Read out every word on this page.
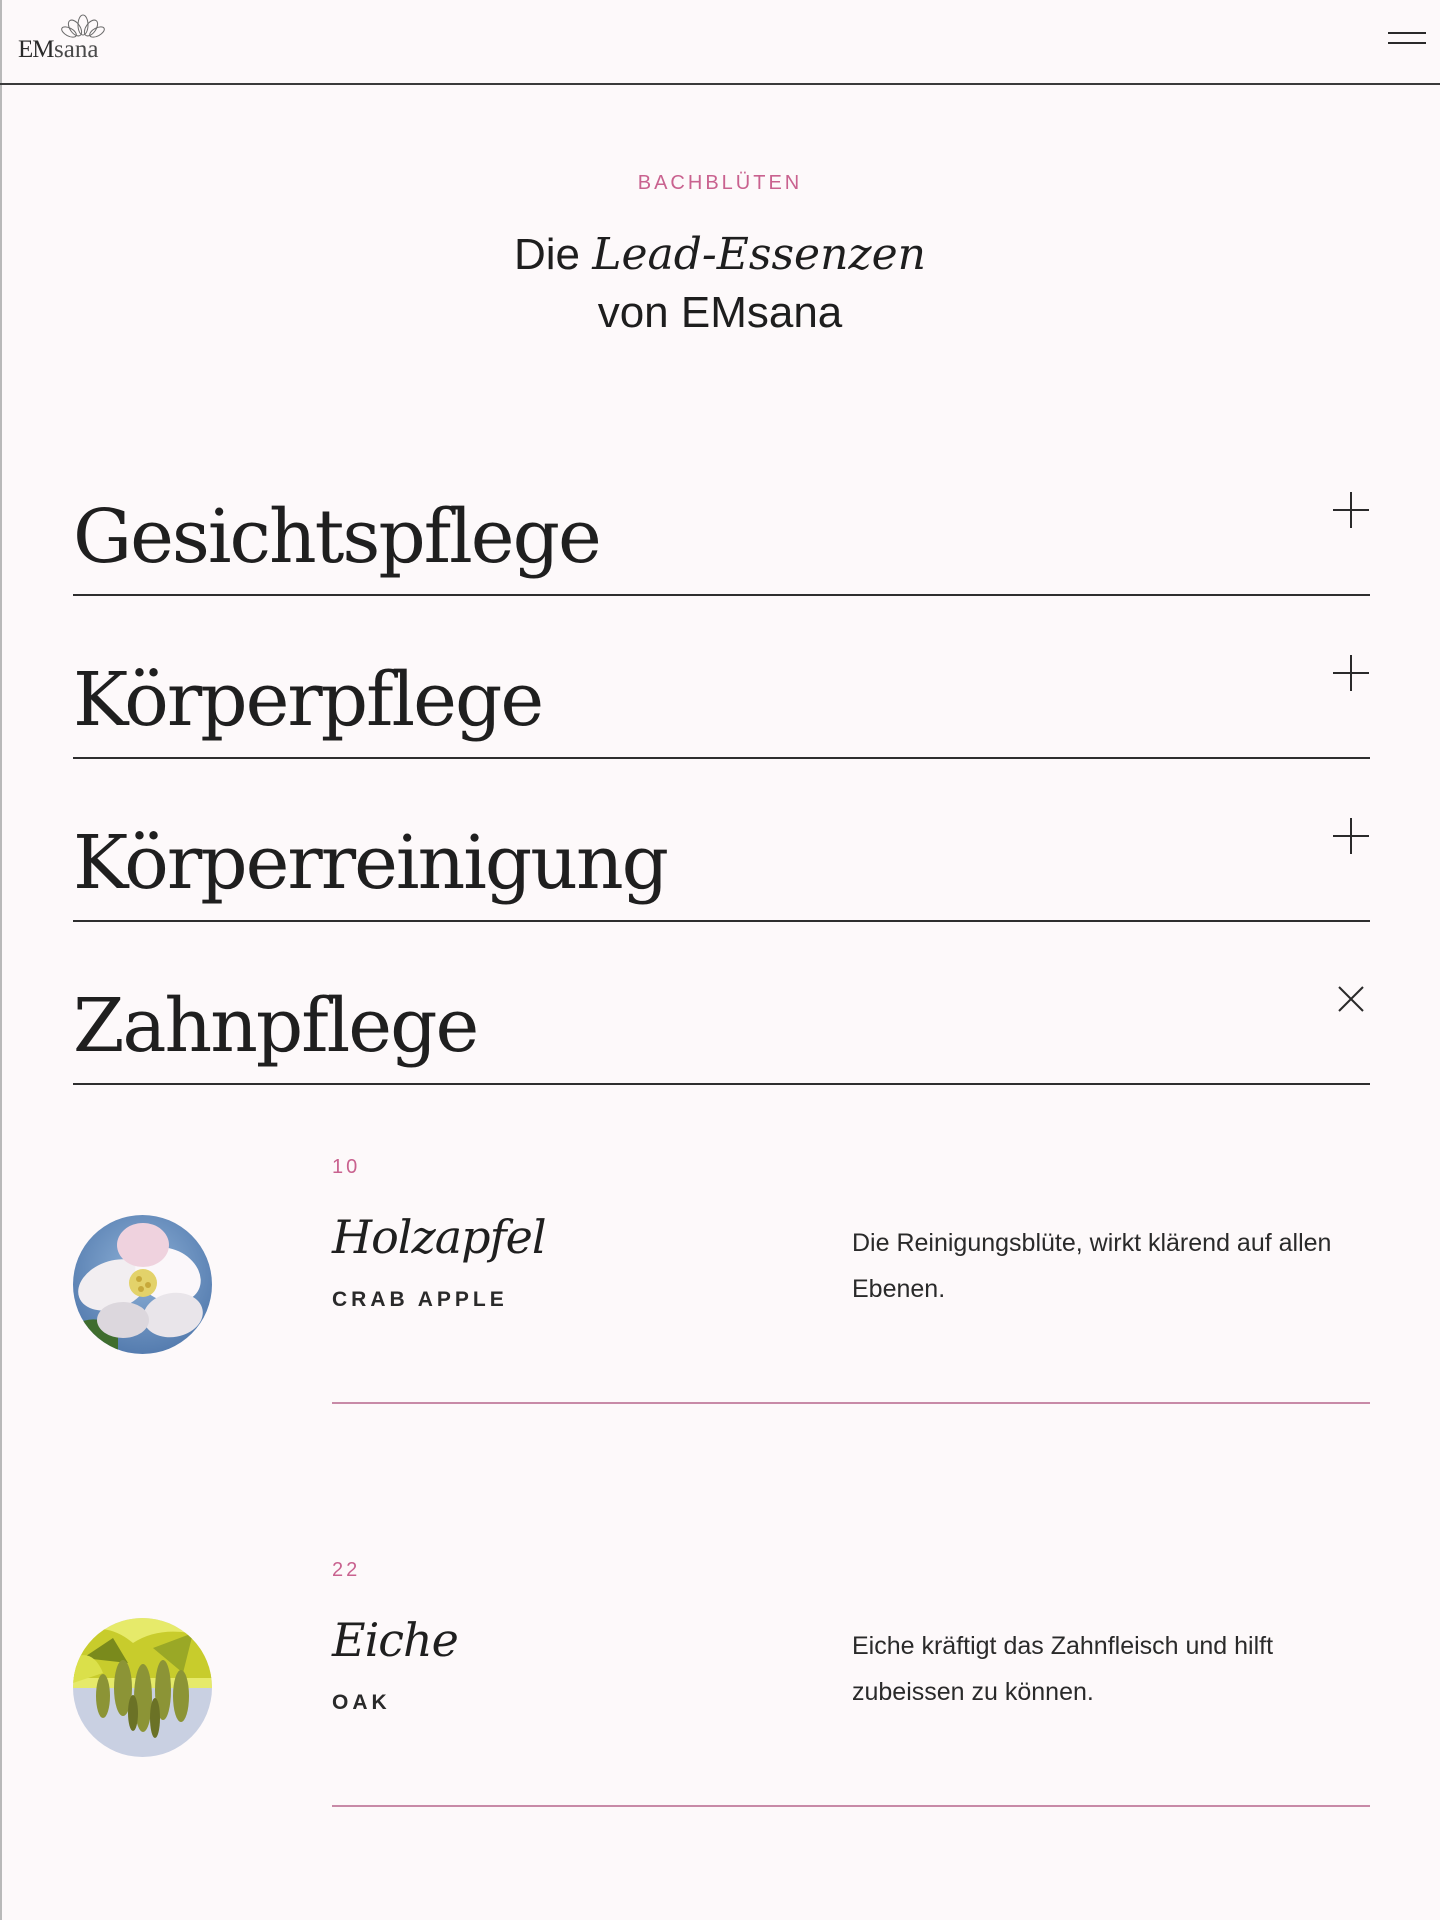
EM sana
BACHBLÜTEN
Die Lead-Essenzen
von EMsana
Gesichtspflege
Körperpflege
Körperreinigung
Zahnpflege
10
Holzapfel
CRAB APPLE
Die Reinigungsblüte, wirkt klärend auf allen Ebenen.
22
Eiche
OAK
Eiche kräftigt das Zahnfleisch und hilft zubeissen zu können.
